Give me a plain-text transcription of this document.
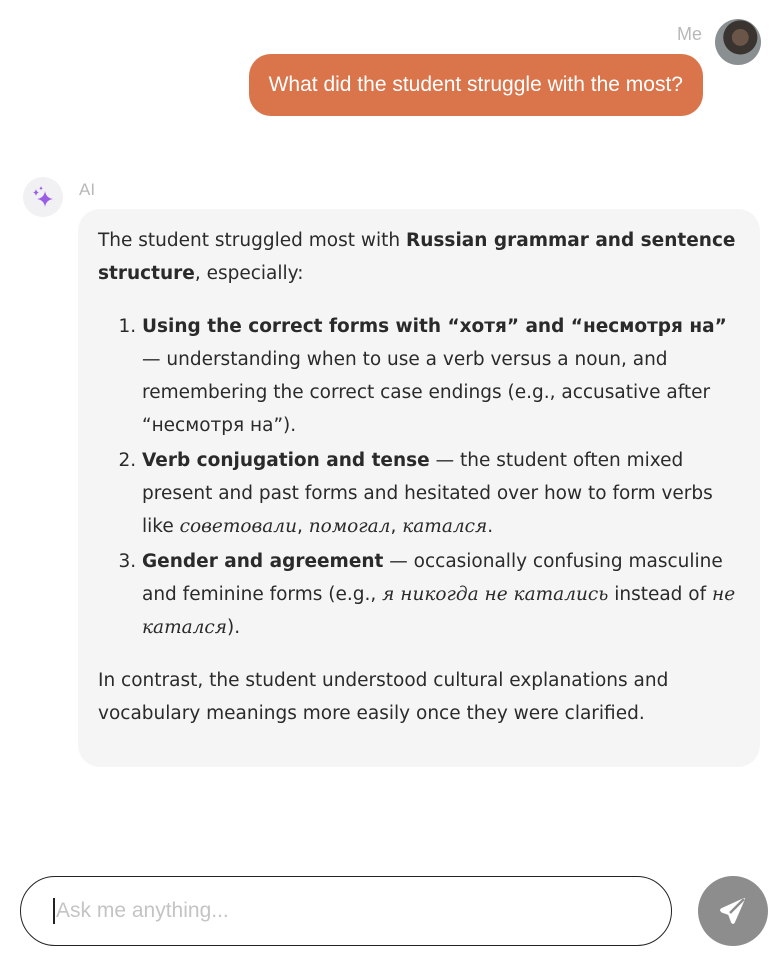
Me
What did the student struggle with the most?
AI

The student struggled most with Russian grammar and sentence structure, especially:

1. Using the correct forms with “хотя” and “несмотря на” — understanding when to use a verb versus a noun, and remembering the correct case endings (e.g., accusative after “несмотря на”).
2. Verb conjugation and tense — the student often mixed present and past forms and hesitated over how to form verbs like советовали, помогал, катался.
3. Gender and agreement — occasionally confusing masculine and feminine forms (e.g., я никогда не катались instead of не катался).

In contrast, the student understood cultural explanations and vocabulary meanings more easily once they were clarified.

Ask me anything...
